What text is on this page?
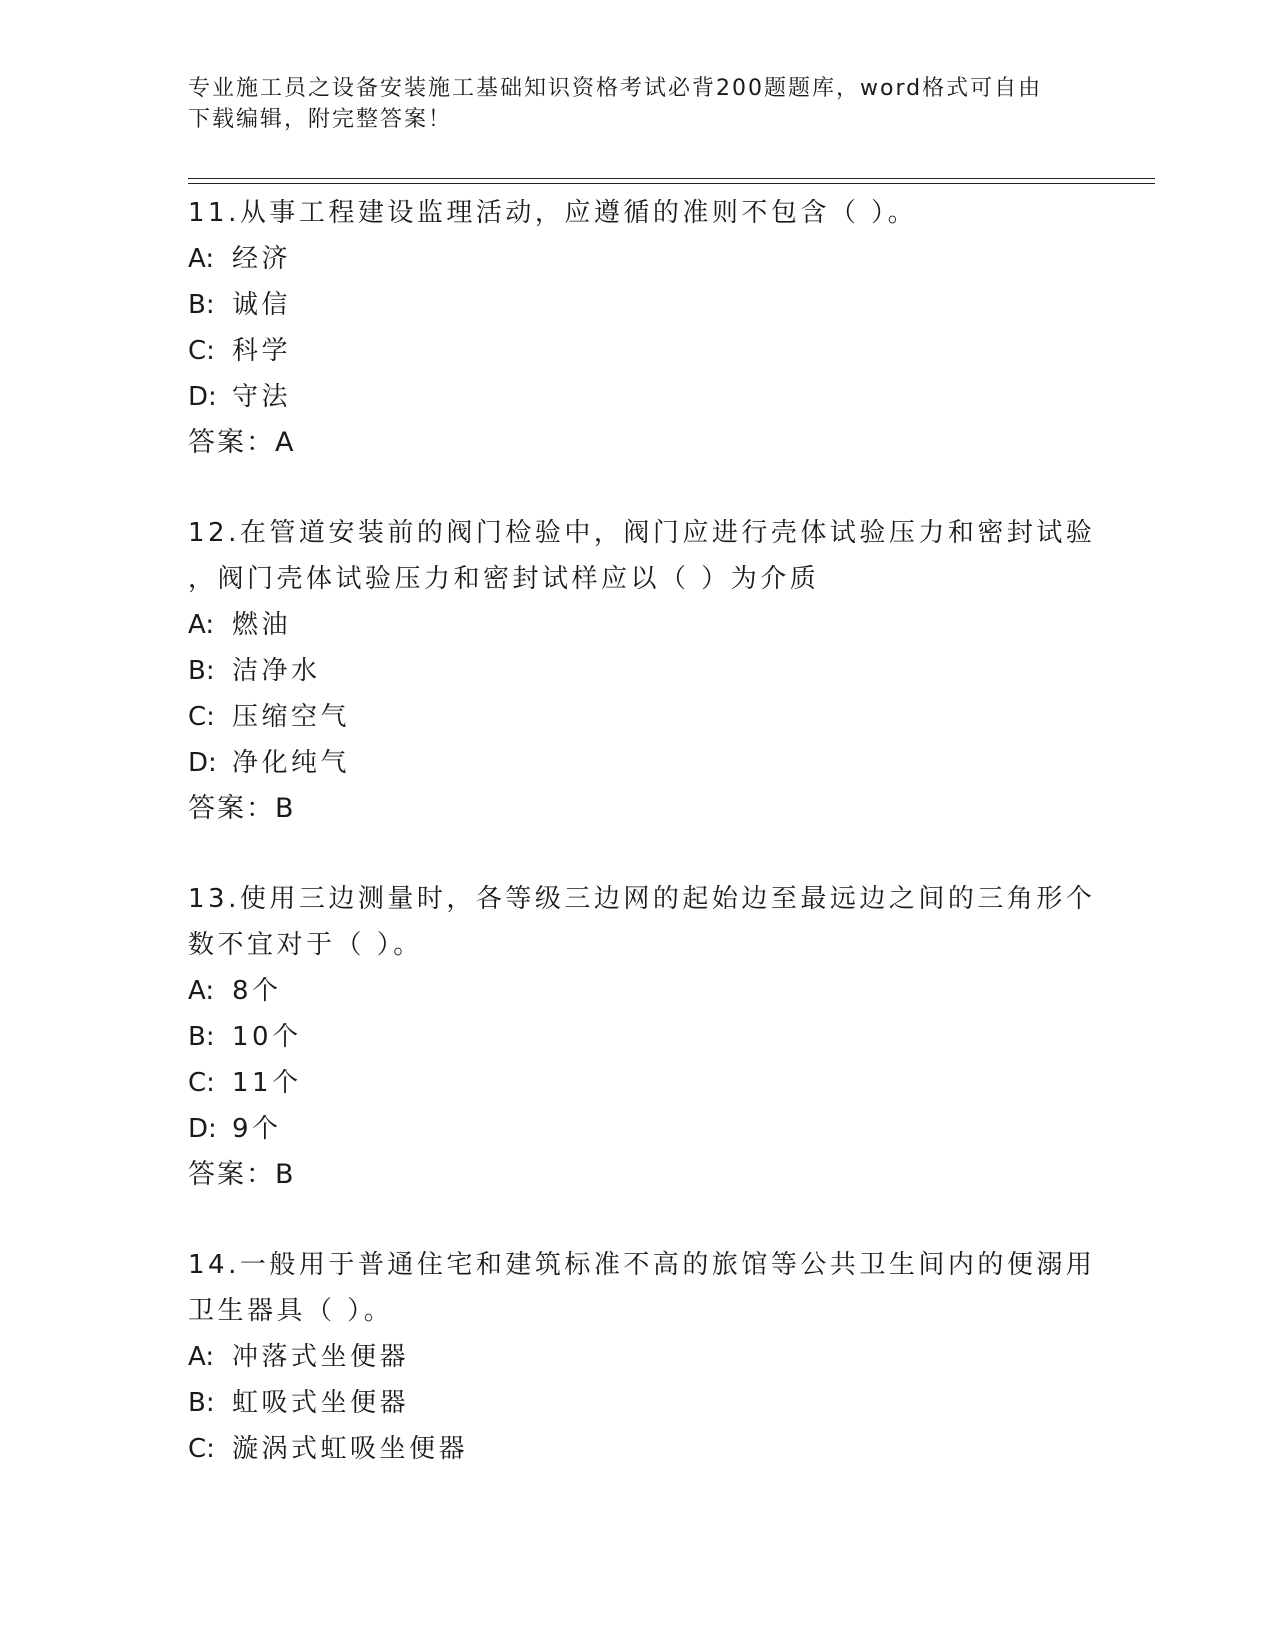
专业施工员之设备安装施工基础知识资格考试必背200题题库，word格式可自由
下载编辑，附完整答案！
11.从事工程建设监理活动，应遵循的准则不包含（ ）。
A: 经济
B: 诚信
C: 科学
D: 守法
答案：A
12.在管道安装前的阀门检验中，阀门应进行壳体试验压力和密封试验
，阀门壳体试验压力和密封试样应以（ ）为介质
A: 燃油
B: 洁净水
C: 压缩空气
D: 净化纯气
答案：B
13.使用三边测量时，各等级三边网的起始边至最远边之间的三角形个
数不宜对于（ ）。
A: 8个
B: 10个
C: 11个
D: 9个
答案：B
14.一般用于普通住宅和建筑标准不高的旅馆等公共卫生间内的便溺用
卫生器具（ ）。
A: 冲落式坐便器
B: 虹吸式坐便器
C: 漩涡式虹吸坐便器
